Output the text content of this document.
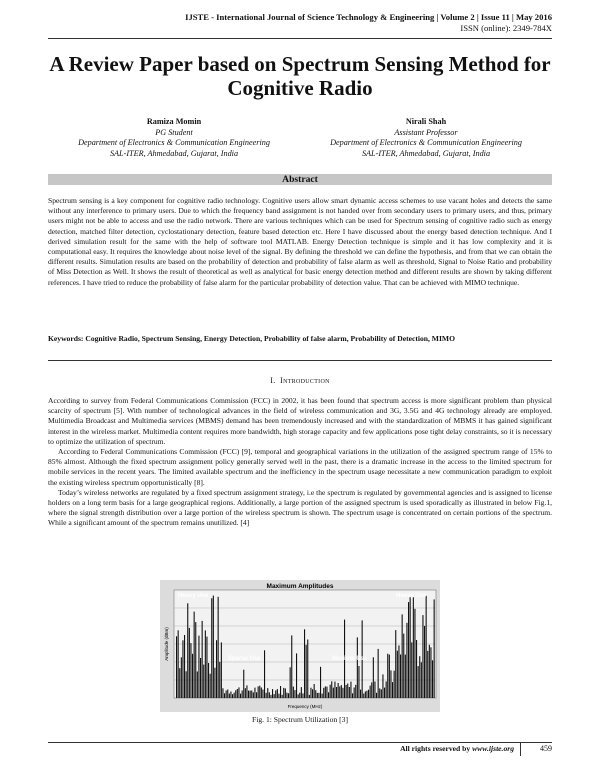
IJSTE - International Journal of Science Technology & Engineering | Volume 2 | Issue 11 | May 2016
ISSN (online): 2349-784X
A Review Paper based on Spectrum Sensing Method for Cognitive Radio
Ramiza Momin
PG Student
Department of Electronics & Communication Engineering
SAL-ITER, Ahmedabad, Gujarat, India
Nirali Shah
Assistant Professor
Department of Electronics & Communication Engineering
SAL-ITER, Ahmedabad, Gujarat, India
Abstract
Spectrum sensing is a key component for cognitive radio technology. Cognitive users allow smart dynamic access schemes to use vacant holes and detects the same without any interference to primary users. Due to which the frequency band assignment is not handed over from secondary users to primary users, and thus, primary users might not be able to access and use the radio network. There are various techniques which can be used for Spectrum sensing of cognitive radio such as energy detection, matched filter detection, cyclostationary detection, feature based detection etc. Here I have discussed about the energy based detection technique. And I derived simulation result for the same with the help of software tool MATLAB. Energy Detection technique is simple and it has low complexity and it is computational easy. It requires the knowledge about noise level of the signal. By defining the threshold we can define the hypothesis, and from that we can obtain the different results. Simulation results are based on the probability of detection and probability of false alarm as well as threshold, Signal to Noise Ratio and probability of Miss Detection as Well. It shows the result of theoretical as well as analytical for basic energy detection method and different results are shown by taking different references. I have tried to reduce the probability of false alarm for the particular probability of detection value. That can be achieved with MIMO technique.
Keywords: Cognitive Radio, Spectrum Sensing, Energy Detection, Probability of false alarm, Probability of Detection, MIMO
I. Introduction

According to survey from Federal Communications Commission (FCC) in 2002, it has been found that spectrum access is more significant problem than physical scarcity of spectrum [5]. With number of technological advances in the field of wireless communication and 3G, 3.5G and 4G technology already are employed. Multimedia Broadcast and Multimedia services (MBMS) demand has been tremendously increased and with the standardization of MBMS it has gained significant interest in the wireless market. Multimedia content requires more bandwidth, high storage capacity and few applications pose tight delay constraints, so it is necessary to optimize the utilization of spectrum.

According to Federal Communications Commission (FCC) [9], temporal and geographical variations in the utilization of the assigned spectrum range of 15% to 85% almost. Although the fixed spectrum assignment policy generally served well in the past, there is a dramatic increase in the access to the limited spectrum for mobile services in the recent years. The limited available spectrum and the inefficiency in the spectrum usage necessitate a new communication paradigm to exploit the existing wireless spectrum opportunistically [8].

Today’s wireless networks are regulated by a fixed spectrum assignment strategy, i.e the spectrum is regulated by governmental agencies and is assigned to license holders on a long term basis for a large geographical regions. Additionally, a large portion of the assigned spectrum is used sporadically as illustrated in below Fig.1, where the signal strength distribution over a large portion of the wireless spectrum is shown. The spectrum usage is concentrated on certain portions of the spectrum. While a significant amount of the spectrum remains unutilized. [4]

Maximum Amplitudes
Amplitude (dBm)
Frequency (MHz)
Heavy Use	Heavy Use
Sparse Use	Medium Use
Fig. 1: Spectrum Utilization [3]
All rights reserved by www.ijste.org	459
